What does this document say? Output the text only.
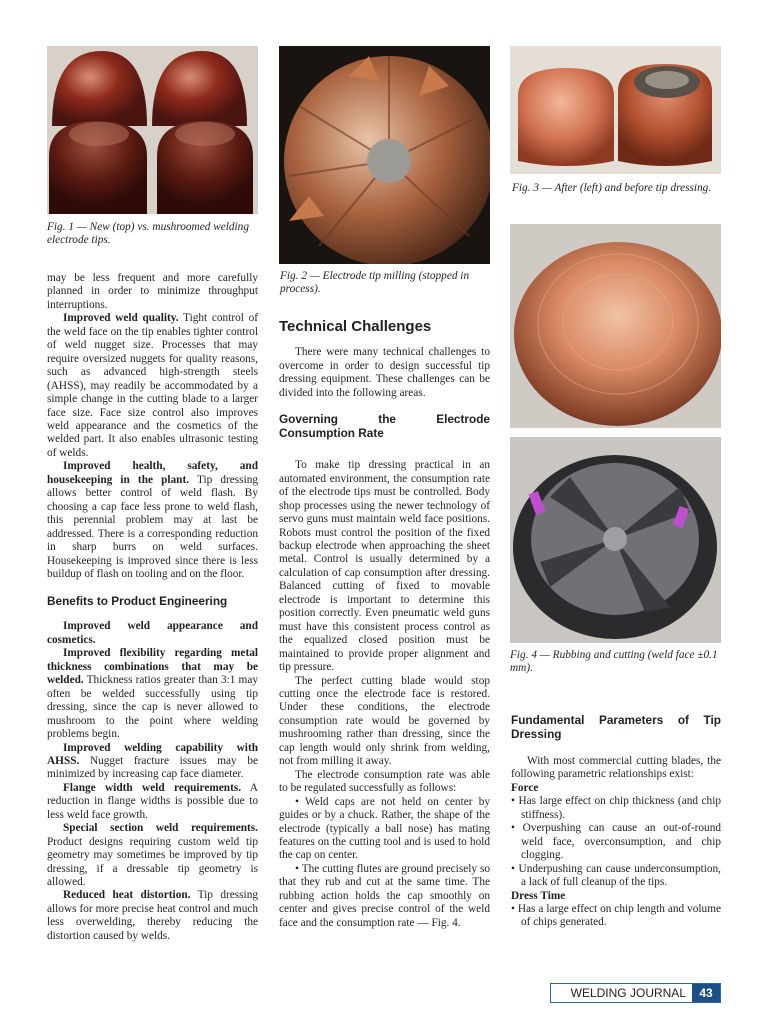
Fig. 1 — New (top) vs. mushroomed welding electrode tips.

Fig. 2 — Electrode tip milling (stopped in process).

Fig. 3 — After (left) and before tip dressing.

Fig. 4 — Rubbing and cutting (weld face ±0.1 mm).

may be less frequent and more carefully planned in order to minimize throughput interruptions.

Improved weld quality. Tight control of the weld face on the tip enables tighter control of weld nugget size. Processes that may require oversized nuggets for quality reasons, such as advanced high-strength steels (AHSS), may readily be accommodated by a simple change in the cutting blade to a larger face size. Face size control also improves weld appearance and the cosmetics of the welded part. It also enables ultrasonic testing of welds.

Improved health, safety, and housekeeping in the plant. Tip dressing allows better control of weld flash. By choosing a cap face less prone to weld flash, this perennial problem may at last be addressed. There is a corresponding reduction in sharp burrs on weld surfaces. Housekeeping is improved since there is less buildup of flash on tooling and on the floor.

Benefits to Product Engineering

Improved weld appearance and cosmetics.

Improved flexibility regarding metal thickness combinations that may be welded. Thickness ratios greater than 3:1 may often be welded successfully using tip dressing, since the cap is never allowed to mushroom to the point where welding problems begin.

Improved welding capability with AHSS. Nugget fracture issues may be minimized by increasing cap face diameter.

Flange width weld requirements. A reduction in flange widths is possible due to less weld face growth.

Special section weld requirements. Product designs requiring custom weld tip geometry may sometimes be improved by tip dressing, if a dressable tip geometry is allowed.

Reduced heat distortion. Tip dressing allows for more precise heat control and much less overwelding, thereby reducing the distortion caused by welds.

Technical Challenges

There were many technical challenges to overcome in order to design successful tip dressing equipment. These challenges can be divided into the following areas.

Governing the Electrode Consumption Rate

To make tip dressing practical in an automated environment, the consumption rate of the electrode tips must be controlled. Body shop processes using the newer technology of servo guns must maintain weld face positions. Robots must control the position of the fixed backup electrode when approaching the sheet metal. Control is usually determined by a calculation of cap consumption after dressing. Balanced cutting of fixed to movable electrode is important to determine this position correctly. Even pneumatic weld guns must have this consistent process control as the equalized closed position must be maintained to provide proper alignment and tip pressure.

The perfect cutting blade would stop cutting once the electrode face is restored. Under these conditions, the electrode consumption rate would be governed by mushrooming rather than dressing, since the cap length would only shrink from welding, not from milling it away.

The electrode consumption rate was able to be regulated successfully as follows:

• Weld caps are not held on center by guides or by a chuck. Rather, the shape of the electrode (typically a ball nose) has mating features on the cutting tool and is used to hold the cap on center.

• The cutting flutes are ground precisely so that they rub and cut at the same time. The rubbing action holds the cap smoothly on center and gives precise control of the weld face and the consumption rate — Fig. 4.

Fundamental Parameters of Tip Dressing

With most commercial cutting blades, the following parametric relationships exist:

Force

• Has large effect on chip thickness (and chip stiffness).
• Overpushing can cause an out-of-round weld face, overconsumption, and chip clogging.
• Underpushing can cause underconsumption, a lack of full cleanup of the tips.

Dress Time

• Has a large effect on chip length and volume of chips generated.
WELDING JOURNAL	43
